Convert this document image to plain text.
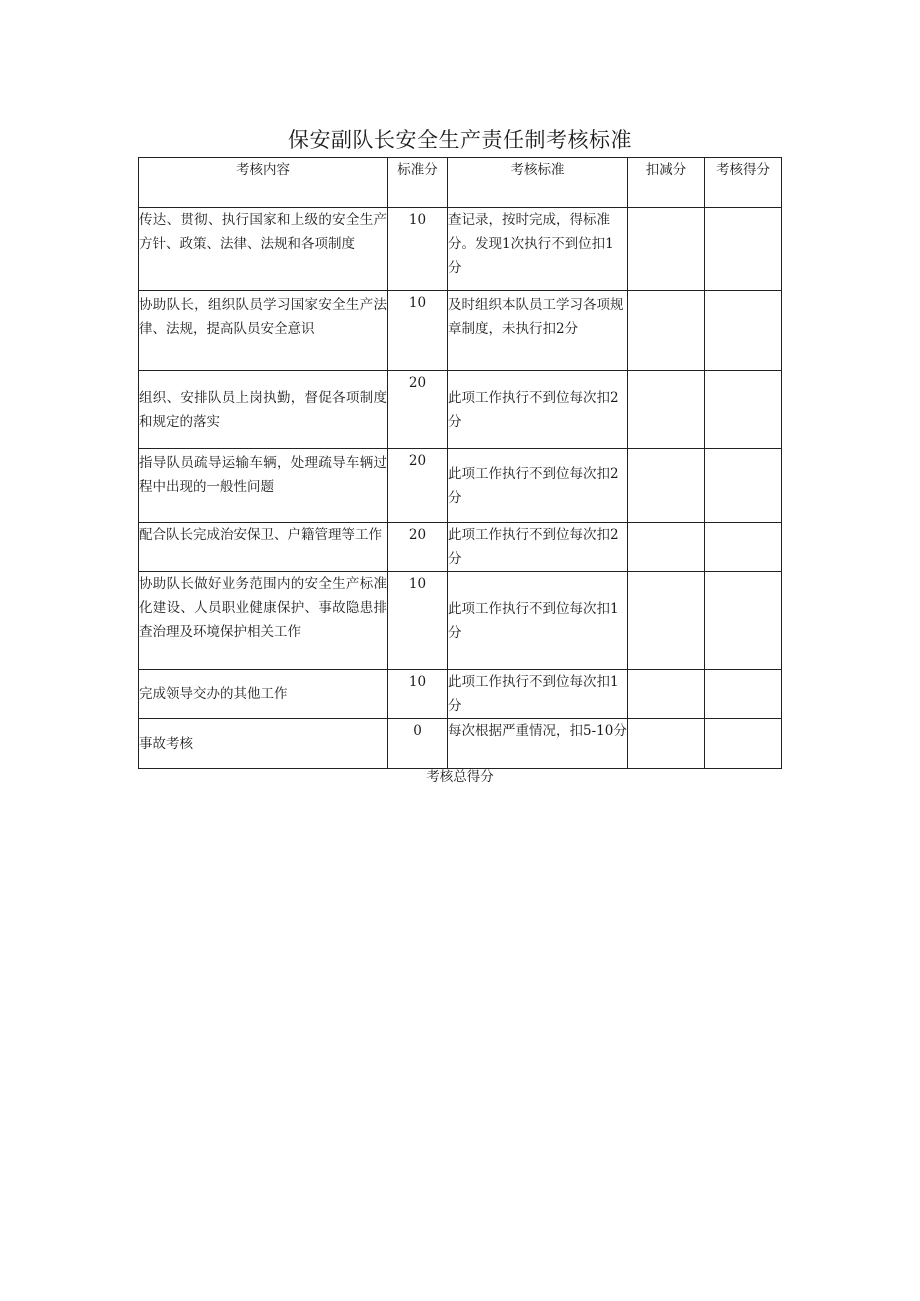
保安副队长安全生产责任制考核标准
考核内容	标准分	考核标准	扣减分	考核得分
传达、贯彻、执行国家和上级的安全生产方针、政策、法律、法规和各项制度	10	查记录，按时完成，得标准分。发现1次执行不到位扣1分		
协助队长，组织队员学习国家安全生产法律、法规，提高队员安全意识	10	及时组织本队员工学习各项规章制度，未执行扣2分		
组织、安排队员上岗执勤，督促各项制度和规定的落实	20	此项工作执行不到位每次扣2分		
指导队员疏导运输车辆，处理疏导车辆过程中出现的一般性问题	20	此项工作执行不到位每次扣2分		
配合队长完成治安保卫、户籍管理等工作	20	此项工作执行不到位每次扣2分		
协助队长做好业务范围内的安全生产标准化建设、人员职业健康保护、事故隐患排查治理及环境保护相关工作	10	此项工作执行不到位每次扣1分		
完成领导交办的其他工作	10	此项工作执行不到位每次扣1分		
事故考核	0	每次根据严重情况，扣5-10分		
考核总得分
